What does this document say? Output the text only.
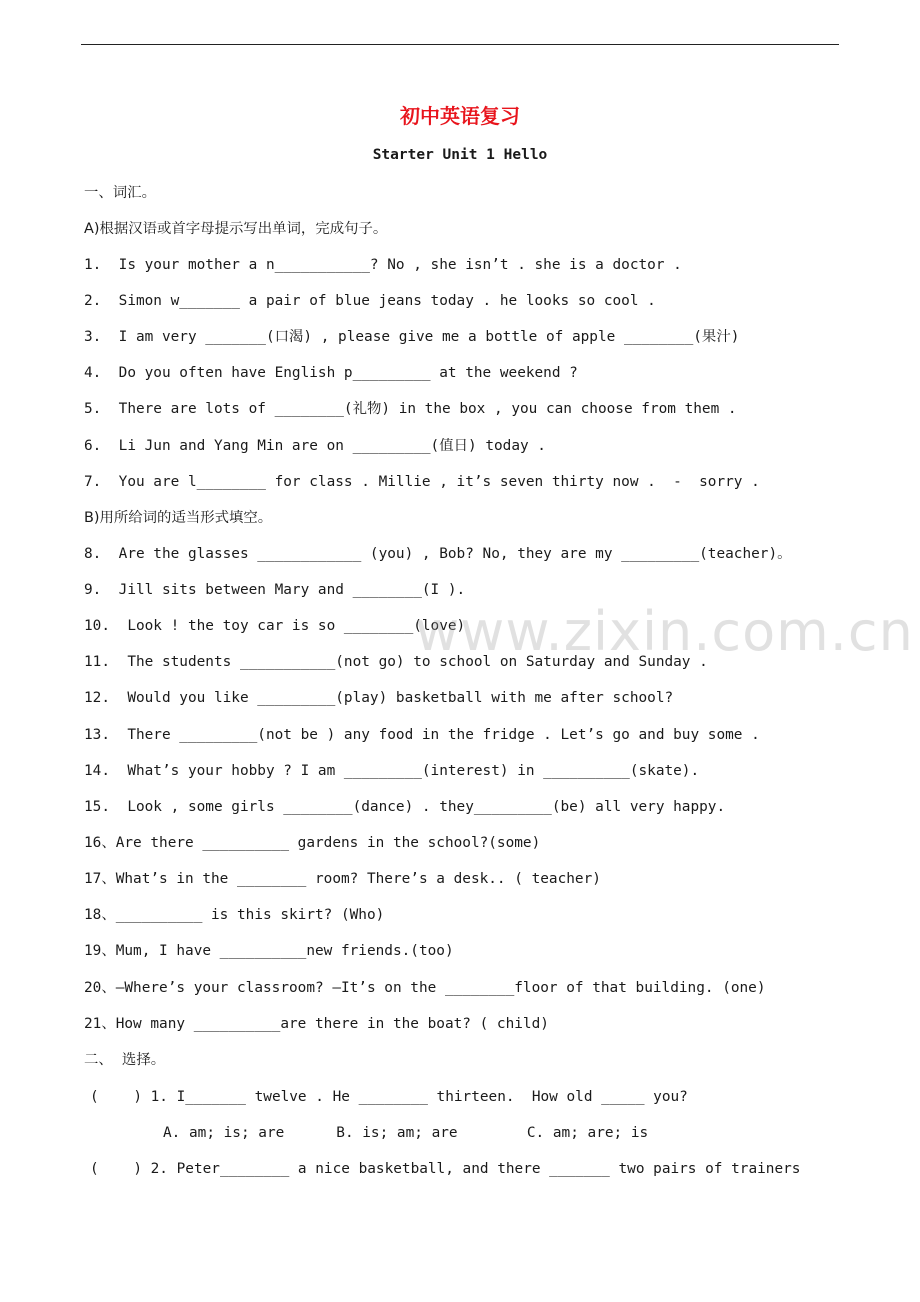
初中英语复习
Starter Unit 1 Hello
一、词汇。
A)根据汉语或首字母提示写出单词，完成句子。
1.  Is your mother a n___________? No , she isn’t . she is a doctor .
2.  Simon w_______ a pair of blue jeans today . he looks so cool .
3.  I am very _______(口渴) , please give me a bottle of apple ________(果汁)
4.  Do you often have English p_________ at the weekend ?
5.  There are lots of ________(礼物) in the box , you can choose from them .
6.  Li Jun and Yang Min are on _________(值日) today .
7.  You are l________ for class . Millie , it’s seven thirty now .  -  sorry .
B)用所给词的适当形式填空。
8.  Are the glasses ____________ (you) , Bob? No, they are my _________(teacher)。
9.  Jill sits between Mary and ________(I ).
10.  Look ! the toy car is so ________(love)
11.  The students ___________(not go) to school on Saturday and Sunday .
12.  Would you like _________(play) basketball with me after school?
13.  There _________(not be ) any food in the fridge . Let’s go and buy some .
14.  What’s your hobby ? I am _________(interest) in __________(skate).
15.  Look , some girls ________(dance) . they_________(be) all very happy.
16、Are there __________ gardens in the school?(some)
17、What’s in the ________ room? There’s a desk.. ( teacher)
18、__________ is this skirt? (Who)
19、Mum, I have __________new friends.(too)
20、–Where’s your classroom? –It’s on the ________floor of that building. (one)
21、How many __________are there in the boat? ( child)
二、  选择。
(    ) 1. I_______ twelve . He ________ thirteen.  How old _____ you?
A. am; is; are      B. is; am; are        C. am; are; is
(    ) 2. Peter________ a nice basketball, and there _______ two pairs of trainers
www.zixin.com.cn
